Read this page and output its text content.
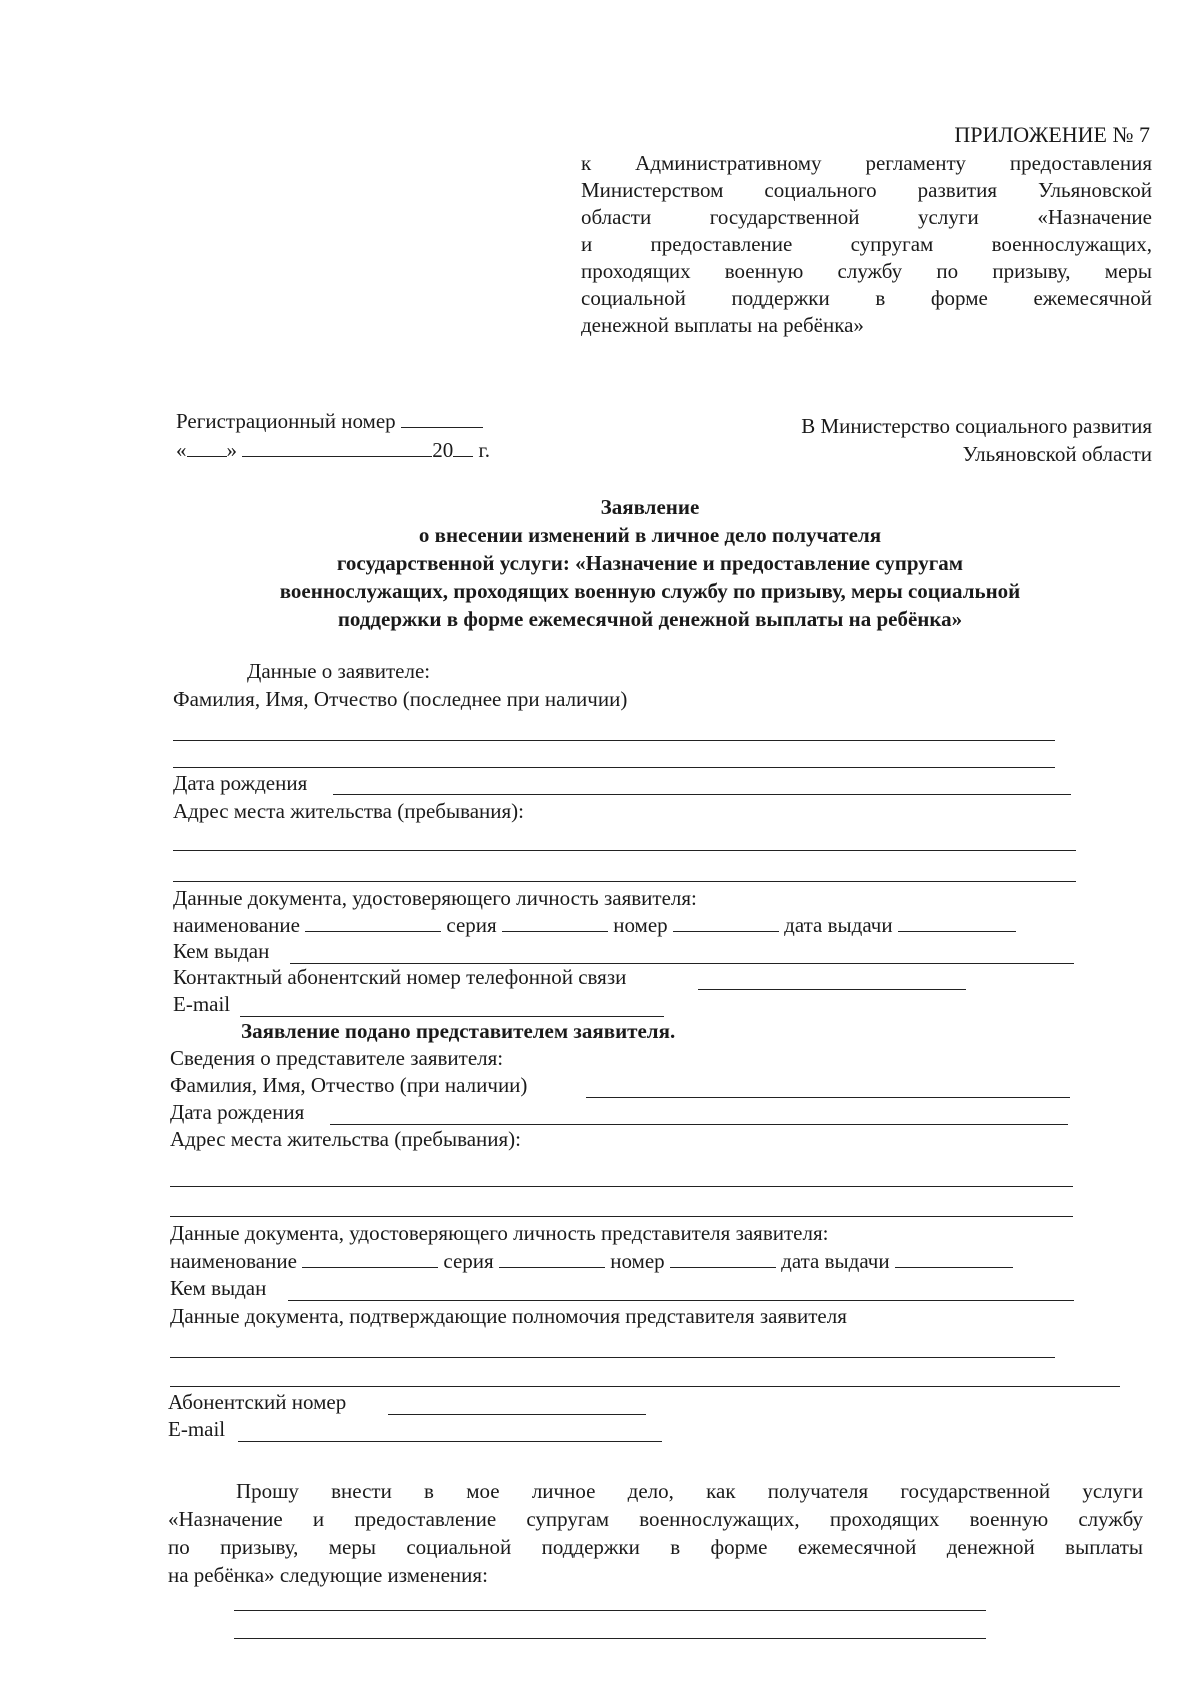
ПРИЛОЖЕНИЕ № 7
к Административному регламенту предоставления
Министерством социального развития Ульяновской
области государственной услуги «Назначение
и предоставление супругам военнослужащих,
проходящих военную службу по призыву, меры
социальной поддержки в форме ежемесячной
денежной выплаты на ребёнка»
Регистрационный номер
« »	20 г.
В Министерство социального развития
Ульяновской области
Заявление
о внесении изменений в личное дело получателя
государственной услуги: «Назначение и предоставление супругам
военнослужащих, проходящих военную службу по призыву, меры социальной
поддержки в форме ежемесячной денежной выплаты на ребёнка»
Данные о заявителе:
Фамилия, Имя, Отчество (последнее при наличии)
Дата рождения
Адрес места жительства (пребывания):
Данные документа, удостоверяющего личность заявителя:
наименование	серия	номер	дата выдачи
Кем выдан
Контактный абонентский номер телефонной связи
E-mail
Заявление подано представителем заявителя.
Сведения о представителе заявителя:
Фамилия, Имя, Отчество (при наличии)
Дата рождения
Адрес места жительства (пребывания):
Данные документа, удостоверяющего личность представителя заявителя:
наименование	серия	номер	дата выдачи
Кем выдан
Данные документа, подтверждающие полномочия представителя заявителя
Абонентский номер
E-mail
Прошу внести в мое личное дело, как получателя государственной услуги
«Назначение и предоставление супругам военнослужащих, проходящих военную службу
по призыву, меры социальной поддержки в форме ежемесячной денежной выплаты
на ребёнка» следующие изменения:
